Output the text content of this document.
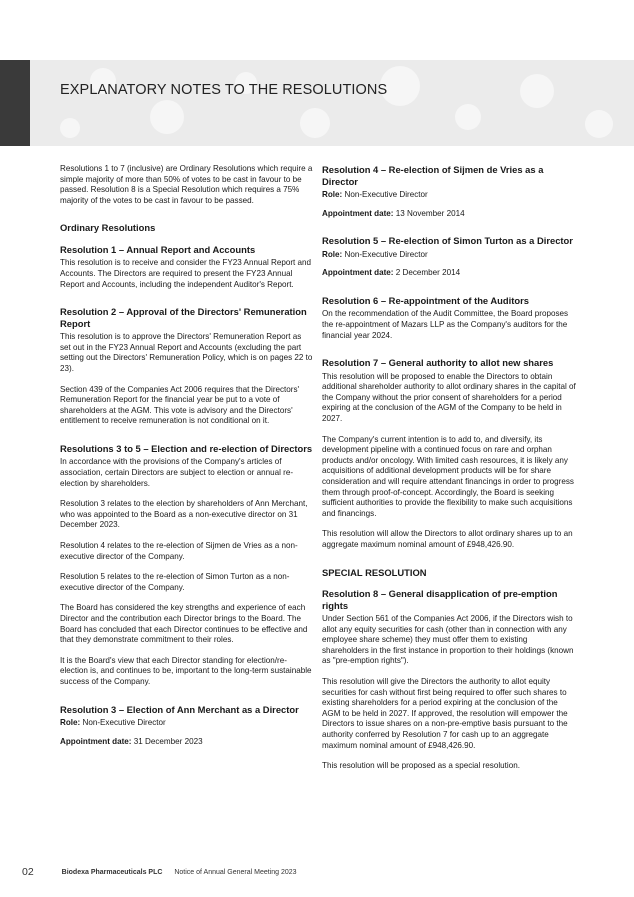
EXPLANATORY NOTES TO THE RESOLUTIONS

Resolutions 1 to 7 (inclusive) are Ordinary Resolutions which require a simple majority of more than 50% of votes to be cast in favour to be passed. Resolution 8 is a Special Resolution which requires a 75% majority of the votes to be cast in favour to be passed.

Ordinary Resolutions
Resolution 1 – Annual Report and Accounts

This resolution is to receive and consider the FY23 Annual Report and Accounts. The Directors are required to present the FY23 Annual Report and Accounts, including the independent Auditor's Report.

Resolution 2 – Approval of the Directors' Remuneration Report

This resolution is to approve the Directors' Remuneration Report as set out in the FY23 Annual Report and Accounts (excluding the part setting out the Directors' Remuneration Policy, which is on pages 22 to 23).

Section 439 of the Companies Act 2006 requires that the Directors' Remuneration Report for the financial year be put to a vote of shareholders at the AGM. This vote is advisory and the Directors' entitlement to receive remuneration is not conditional on it.

Resolutions 3 to 5 – Election and re-election of Directors

In accordance with the provisions of the Company's articles of association, certain Directors are subject to election or annual re-election by shareholders.

Resolution 3 relates to the election by shareholders of Ann Merchant, who was appointed to the Board as a non-executive director on 31 December 2023.

Resolution 4 relates to the re-election of Sijmen de Vries as a non-executive director of the Company.

Resolution 5 relates to the re-election of Simon Turton as a non-executive director of the Company.

The Board has considered the key strengths and experience of each Director and the contribution each Director brings to the Board. The Board has concluded that each Director continues to be effective and that they demonstrate commitment to their roles.

It is the Board's view that each Director standing for election/re-election is, and continues to be, important to the long-term sustainable success of the Company.

Resolution 3 – Election of Ann Merchant as a Director

Role: Non-Executive Director

Appointment date: 31 December 2023

Resolution 4 – Re-election of Sijmen de Vries as a Director

Role: Non-Executive Director

Appointment date: 13 November 2014

Resolution 5 – Re-election of Simon Turton as a Director

Role: Non-Executive Director

Appointment date: 2 December 2014

Resolution 6 – Re-appointment of the Auditors

On the recommendation of the Audit Committee, the Board proposes the re-appointment of Mazars LLP as the Company's auditors for the financial year 2024.

Resolution 7 – General authority to allot new shares

This resolution will be proposed to enable the Directors to obtain additional shareholder authority to allot ordinary shares in the capital of the Company without the prior consent of shareholders for a period expiring at the conclusion of the AGM of the Company to be held in 2027.

The Company's current intention is to add to, and diversify, its development pipeline with a continued focus on rare and orphan products and/or oncology. With limited cash resources, it is likely any acquisitions of additional development products will be for share consideration and will require attendant financings in order to progress them through proof-of-concept. Accordingly, the Board is seeking sufficient authorities to provide the flexibility to make such acquisitions and financings.

This resolution will allow the Directors to allot ordinary shares up to an aggregate maximum nominal amount of £948,426.90.

SPECIAL RESOLUTION
Resolution 8 – General disapplication of pre-emption rights

Under Section 561 of the Companies Act 2006, if the Directors wish to allot any equity securities for cash (other than in connection with any employee share scheme) they must offer them to existing shareholders in the first instance in proportion to their holdings (known as "pre-emption rights").

This resolution will give the Directors the authority to allot equity securities for cash without first being required to offer such shares to existing shareholders for a period expiring at the conclusion of the AGM to be held in 2027. If approved, the resolution will empower the Directors to issue shares on a non-pre-emptive basis pursuant to the authority conferred by Resolution 7 for cash up to an aggregate maximum nominal amount of £948,426.90.

This resolution will be proposed as a special resolution.

02	Biodexa Pharmaceuticals PLC Notice of Annual General Meeting 2023
